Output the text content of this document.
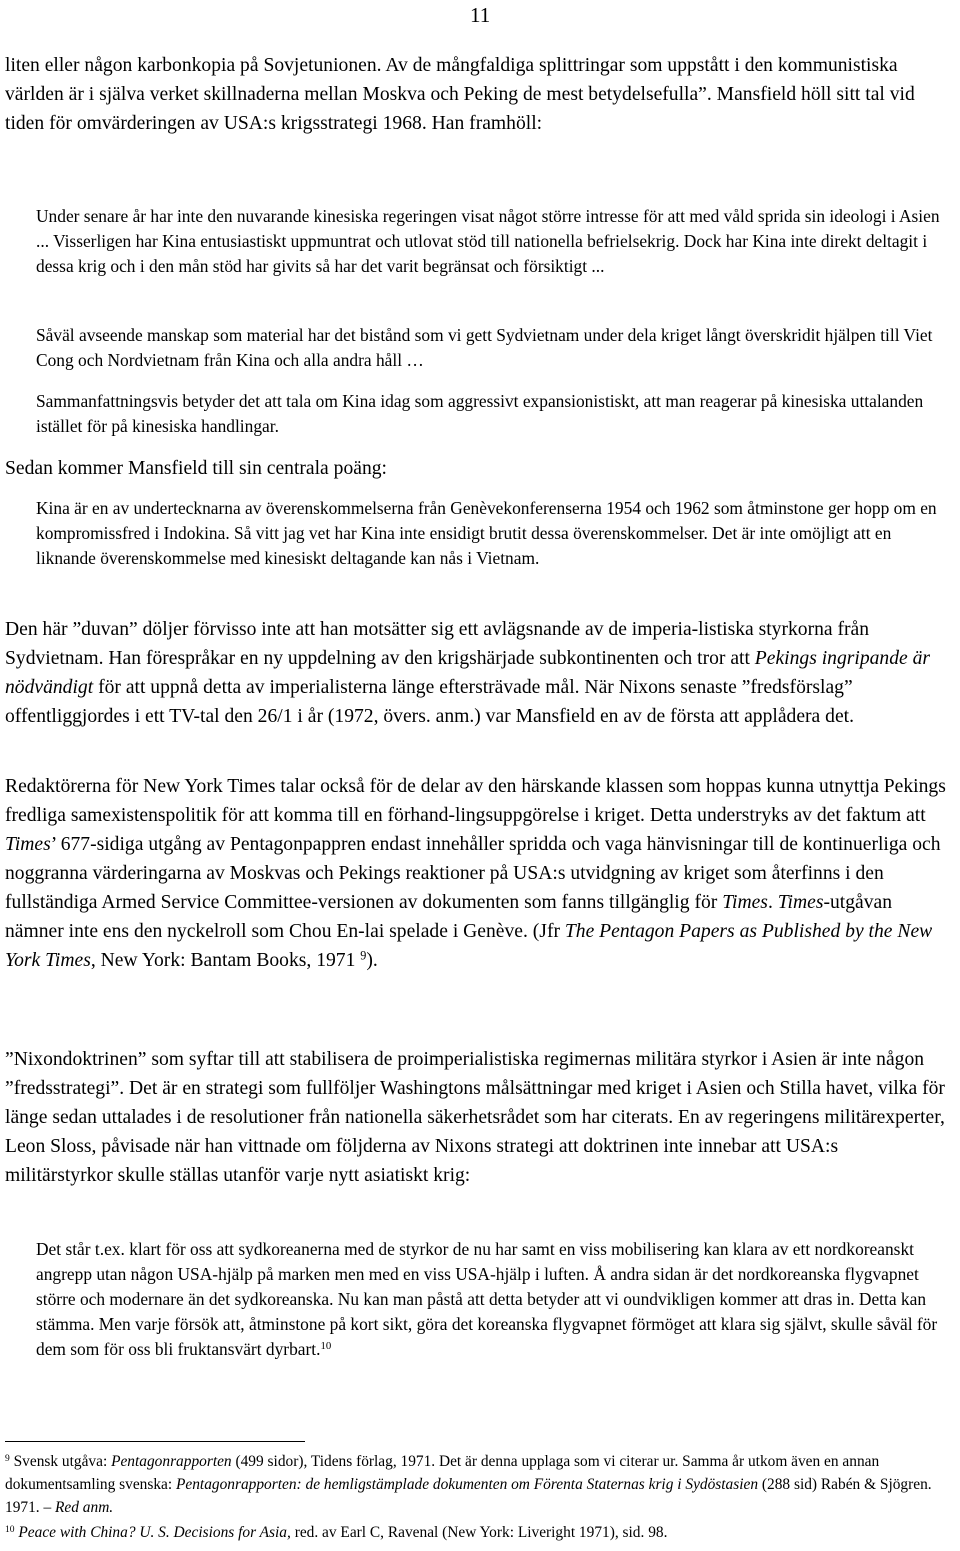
11

liten eller någon karbonkopia på Sovjetunionen. Av de mångfaldiga splittringar som uppstått i den kommunistiska världen är i själva verket skillnaderna mellan Moskva och Peking de mest betydelsefulla”. Mansfield höll sitt tal vid tiden för omvärderingen av USA:s krigsstrategi 1968. Han framhöll:

Under senare år har inte den nuvarande kinesiska regeringen visat något större intresse för att med våld sprida sin ideologi i Asien ... Visserligen har Kina entusiastiskt uppmuntrat och utlovat stöd till nationella befrielsekrig. Dock har Kina inte direkt deltagit i dessa krig och i den mån stöd har givits så har det varit begränsat och försiktigt ...

Såväl avseende manskap som material har det bistånd som vi gett Sydvietnam under dela kriget långt överskridit hjälpen till Viet Cong och Nordvietnam från Kina och alla andra håll …

Sammanfattningsvis betyder det att tala om Kina idag som aggressivt expansionistiskt, att man reagerar på kinesiska uttalanden istället för på kinesiska handlingar.

Sedan kommer Mansfield till sin centrala poäng:

Kina är en av undertecknarna av överenskommelserna från Genèvekonferenserna 1954 och 1962 som åtminstone ger hopp om en kompromissfred i Indokina. Så vitt jag vet har Kina inte ensidigt brutit dessa överenskommelser. Det är inte omöjligt att en liknande överenskommelse med kinesiskt deltagande kan nås i Vietnam.

Den här ”duvan” döljer förvisso inte att han motsätter sig ett avlägsnande av de imperia-listiska styrkorna från Sydvietnam. Han förespråkar en ny uppdelning av den krigshärjade subkontinenten och tror att Pekings ingripande är nödvändigt för att uppnå detta av imperialisterna länge eftersträvade mål. När Nixons senaste ”fredsförslag” offentliggjordes i ett TV-tal den 26/1 i år (1972, övers. anm.) var Mansfield en av de första att applådera det.

Redaktörerna för New York Times talar också för de delar av den härskande klassen som hoppas kunna utnyttja Pekings fredliga samexistenspolitik för att komma till en förhand-lingsuppgörelse i kriget. Detta understryks av det faktum att Times’ 677-sidiga utgång av Pentagonpappren endast innehåller spridda och vaga hänvisningar till de kontinuerliga och noggranna värderingarna av Moskvas och Pekings reaktioner på USA:s utvidgning av kriget som återfinns i den fullständiga Armed Service Committee-versionen av dokumenten som fanns tillgänglig för Times. Times-utgåvan nämner inte ens den nyckelroll som Chou En-lai spelade i Genève. (Jfr The Pentagon Papers as Published by the New York Times, New York: Bantam Books, 1971 $^9$).

”Nixondoktrinen” som syftar till att stabilisera de proimperialistiska regimernas militära styrkor i Asien är inte någon ”fredsstrategi”. Det är en strategi som fullföljer Washingtons målsättningar med kriget i Asien och Stilla havet, vilka för länge sedan uttalades i de resolutioner från nationella säkerhetsrådet som har citerats. En av regeringens militärexperter, Leon Sloss, påvisade när han vittnade om följderna av Nixons strategi att doktrinen inte innebar att USA:s militärstyrkor skulle ställas utanför varje nytt asiatiskt krig:

Det står t.ex. klart för oss att sydkoreanerna med de styrkor de nu har samt en viss mobilisering kan klara av ett nordkoreanskt angrepp utan någon USA-hjälp på marken men med en viss USA-hjälp i luften. Å andra sidan är det nordkoreanska flygvapnet större och modernare än det sydkoreanska. Nu kan man påstå att detta betyder att vi oundvikligen kommer att dras in. Detta kan stämma. Men varje försök att, åtminstone på kort sikt, göra det koreanska flygvapnet förmöget att klara sig självt, skulle såväl för dem som för oss bli fruktansvärt dyrbart.$^{10}$

$^9$ Svensk utgåva: Pentagonrapporten (499 sidor), Tidens förlag, 1971. Det är denna upplaga som vi citerar ur. Samma år utkom även en annan dokumentsamling svenska: Pentagonrapporten: de hemligstämplade dokumenten om Förenta Staternas krig i Sydöstasien (288 sid) Rabén & Sjögren. 1971. – Red anm.

$^{10}$ Peace with China? U. S. Decisions for Asia, red. av Earl C, Ravenal (New York: Liveright 1971), sid. 98.
